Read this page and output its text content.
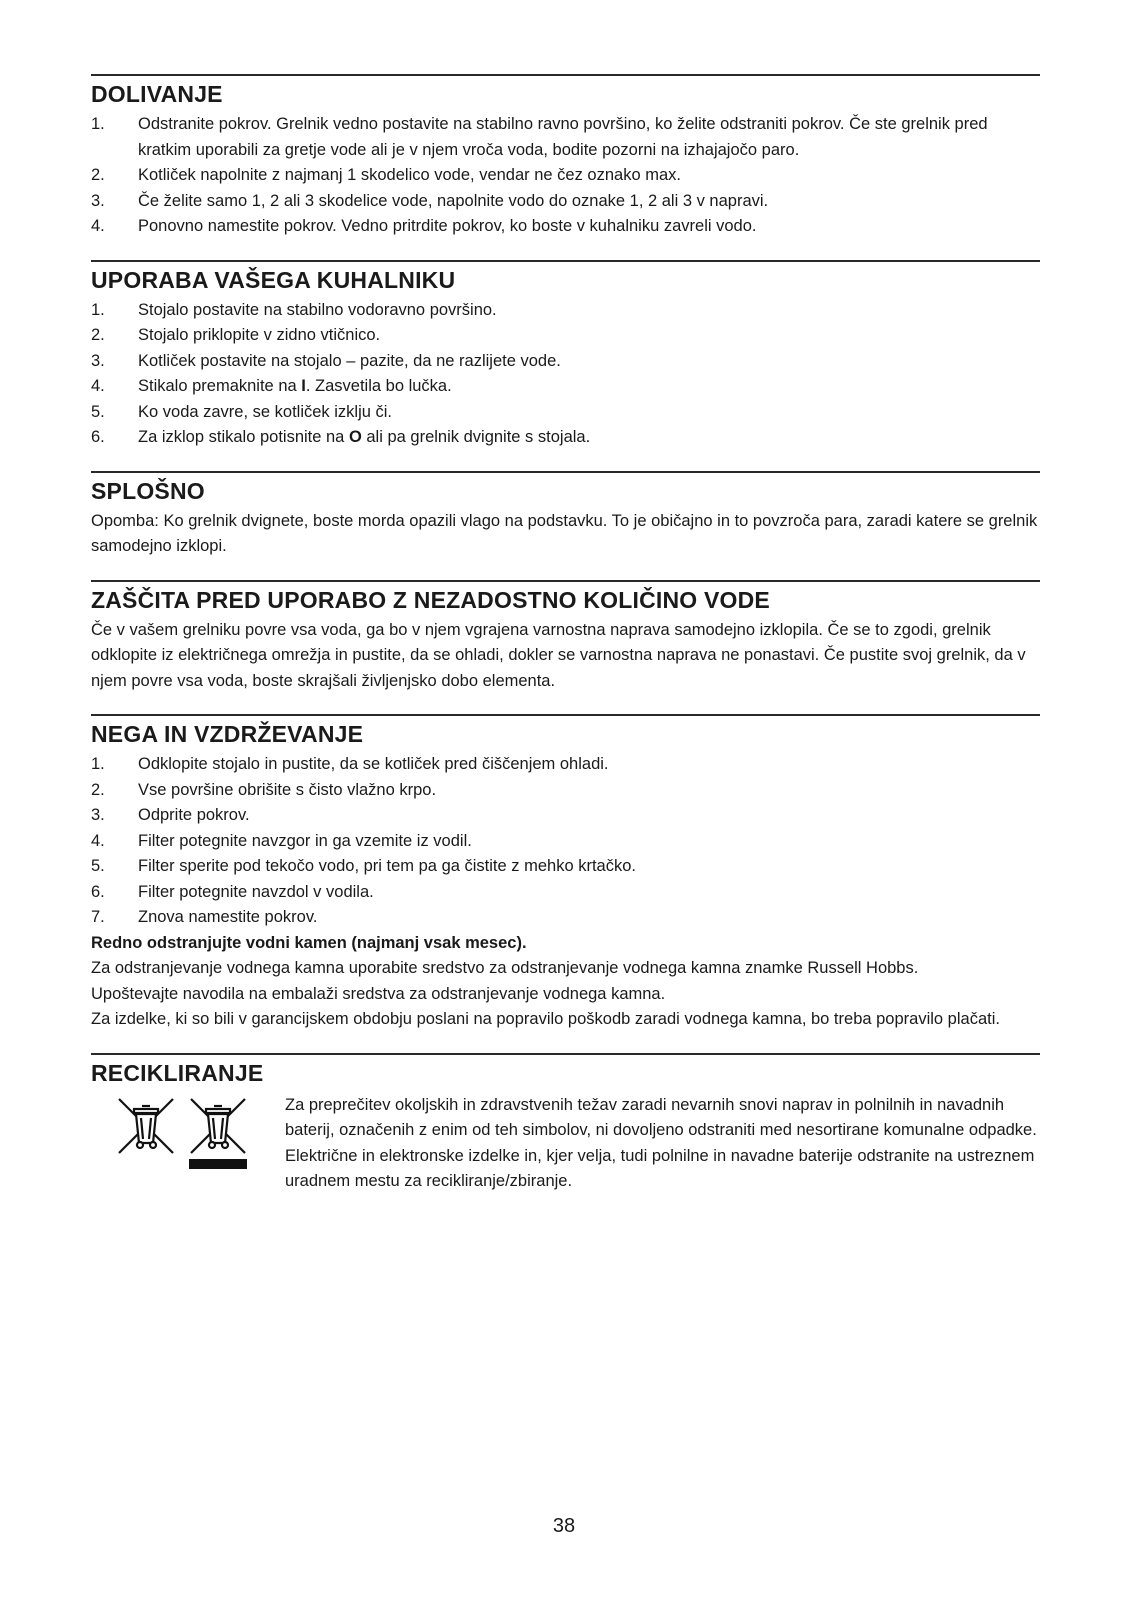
DOLIVANJE
1.	Odstranite pokrov. Grelnik vedno postavite na stabilno ravno površino, ko želite odstraniti pokrov. Če ste grelnik pred kratkim uporabili za gretje vode ali je v njem vroča voda, bodite pozorni na izhajajočo paro.
2.	Kotliček napolnite z najmanj 1 skodelico vode, vendar ne čez oznako max.
3.	Če želite samo 1, 2 ali 3 skodelice vode, napolnite vodo do oznake 1, 2 ali 3 v napravi.
4.	Ponovno namestite pokrov. Vedno pritrdite pokrov, ko boste v kuhalniku zavreli vodo.
UPORABA VAŠEGA KUHALNIKU
1.	Stojalo postavite na stabilno vodoravno površino.
2.	Stojalo priklopite v zidno vtičnico.
3.	Kotliček postavite na stojalo – pazite, da ne razlijete vode.
4.	Stikalo premaknite na I. Zasvetila bo lučka.
5.	Ko voda zavre, se kotliček izklju či.
6.	Za izklop stikalo potisnite na O ali pa grelnik dvignite s stojala.
SPLOŠNO
Opomba: Ko grelnik dvignete, boste morda opazili vlago na podstavku. To je običajno in to povzroča para, zaradi katere se grelnik samodejno izklopi.
ZAŠČITA PRED UPORABO Z NEZADOSTNO KOLIČINO VODE
Če v vašem grelniku povre vsa voda, ga bo v njem vgrajena varnostna naprava samodejno izklopila. Če se to zgodi, grelnik odklopite iz električnega omrežja in pustite, da se ohladi, dokler se varnostna naprava ne ponastavi. Če pustite svoj grelnik, da v njem povre vsa voda, boste skrajšali življenjsko dobo elementa.
NEGA IN VZDRŽEVANJE
1.	Odklopite stojalo in pustite, da se kotliček pred čiščenjem ohladi.
2.	Vse površine obrišite s čisto vlažno krpo.
3.	Odprite pokrov.
4.	Filter potegnite navzgor in ga vzemite iz vodil.
5.	Filter sperite pod tekočo vodo, pri tem pa ga čistite z mehko krtačko.
6.	Filter potegnite navzdol v vodila.
7.	Znova namestite pokrov.
Redno odstranjujte vodni kamen (najmanj vsak mesec).
Za odstranjevanje vodnega kamna uporabite sredstvo za odstranjevanje vodnega kamna znamke Russell Hobbs.
Upoštevajte navodila na embalaži sredstva za odstranjevanje vodnega kamna.
Za izdelke, ki so bili v garancijskem obdobju poslani na popravilo poškodb zaradi vodnega kamna, bo treba popravilo plačati.
RECIKLIRANJE
Za preprečitev okoljskih in zdravstvenih težav zaradi nevarnih snovi naprav in polnilnih in navadnih baterij, označenih z enim od teh simbolov, ni dovoljeno odstraniti med nesortirane komunalne odpadke. Električne in elektronske izdelke in, kjer velja, tudi polnilne in navadne baterije odstranite na ustreznem uradnem mestu za recikliranje/zbiranje.
38
